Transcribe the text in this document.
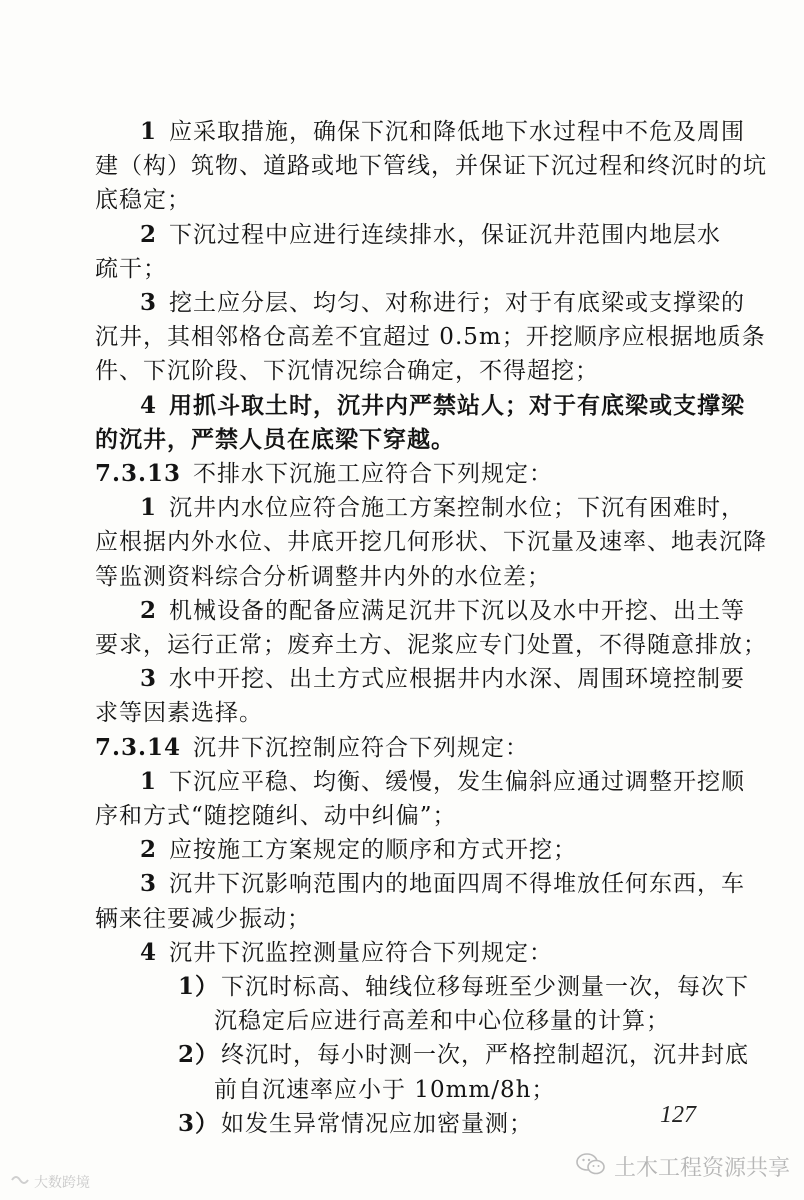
1 应采取措施，确保下沉和降低地下水过程中不危及周围
建（构）筑物、道路或地下管线，并保证下沉过程和终沉时的坑
底稳定；
2 下沉过程中应进行连续排水，保证沉井范围内地层水
疏干；
3 挖土应分层、均匀、对称进行；对于有底梁或支撑梁的
沉井，其相邻格仓高差不宜超过 0.5m；开挖顺序应根据地质条
件、下沉阶段、下沉情况综合确定，不得超挖；
4 用抓斗取土时，沉井内严禁站人；对于有底梁或支撑梁
的沉井，严禁人员在底梁下穿越。
7.3.13 不排水下沉施工应符合下列规定：
1 沉井内水位应符合施工方案控制水位；下沉有困难时，
应根据内外水位、井底开挖几何形状、下沉量及速率、地表沉降
等监测资料综合分析调整井内外的水位差；
2 机械设备的配备应满足沉井下沉以及水中开挖、出土等
要求，运行正常；废弃土方、泥浆应专门处置，不得随意排放；
3 水中开挖、出土方式应根据井内水深、周围环境控制要
求等因素选择。
7.3.14 沉井下沉控制应符合下列规定：
1 下沉应平稳、均衡、缓慢，发生偏斜应通过调整开挖顺
序和方式“随挖随纠、动中纠偏”；
2 应按施工方案规定的顺序和方式开挖；
3 沉井下沉影响范围内的地面四周不得堆放任何东西，车
辆来往要减少振动；
4 沉井下沉监控测量应符合下列规定：
1）下沉时标高、轴线位移每班至少测量一次，每次下
沉稳定后应进行高差和中心位移量的计算；
2）终沉时，每小时测一次，严格控制超沉，沉井封底
前自沉速率应小于 10mm/8h；
3）如发生异常情况应加密量测；	127
大数跨境
土木工程资源共享
